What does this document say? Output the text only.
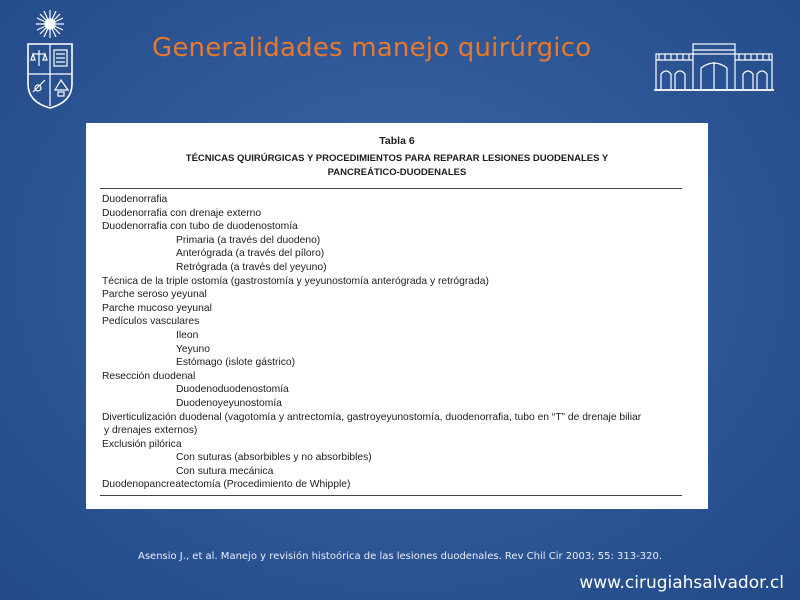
Generalidades manejo quirúrgico
Tabla 6
TÉCNICAS QUIRÚRGICAS Y PROCEDIMIENTOS PARA REPARAR LESIONES DUODENALES Y
PANCREÁTICO-DUODENALES
Duodenorrafia
Duodenorrafia con drenaje externo
Duodenorrafia con tubo de duodenostomía
Primaria (a través del duodeno)
Anterógrada (a través del píloro)
Retrógrada (a través del yeyuno)
Técnica de la triple ostomía (gastrostomía y yeyunostomía anterógrada y retrógrada)
Parche seroso yeyunal
Parche mucoso yeyunal
Pedículos vasculares
Ileon
Yeyuno
Estómago (islote gástrico)
Resección duodenal
Duodenoduodenostomía
Duodenoyeyunostomía
Diverticulización duodenal (vagotomía y antrectomía, gastroyeyunostomía, duodenorrafia, tubo en “T” de drenaje biliar
y drenajes externos)
Exclusión pilórica
Con suturas (absorbibles y no absorbibles)
Con sutura mecánica
Duodenopancreatectomía (Procedimiento de Whipple)
Asensio J., et al. Manejo y revisión histoórica de las lesiones duodenales. Rev Chil Cir 2003; 55: 313-320.
www.cirugiahsalvador.cl
